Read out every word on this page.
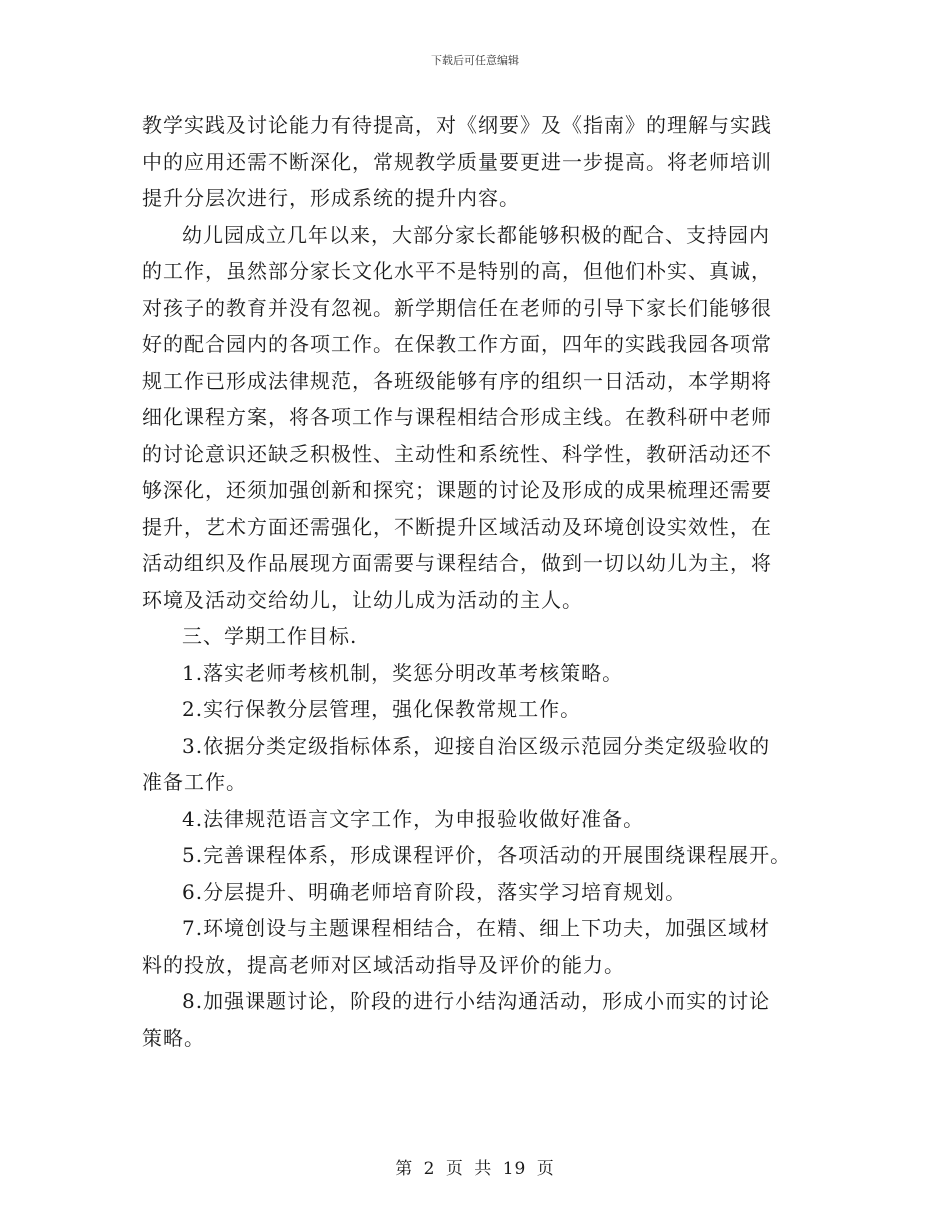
下载后可任意编辑

教学实践及讨论能力有待提高，对《纲要》及《指南》的理解与实践
中的应用还需不断深化，常规教学质量要更进一步提高。将老师培训
提升分层次进行，形成系统的提升内容。

幼儿园成立几年以来，大部分家长都能够积极的配合、支持园内
的工作，虽然部分家长文化水平不是特别的高，但他们朴实、真诚，
对孩子的教育并没有忽视。新学期信任在老师的引导下家长们能够很
好的配合园内的各项工作。在保教工作方面，四年的实践我园各项常
规工作已形成法律规范，各班级能够有序的组织一日活动，本学期将
细化课程方案，将各项工作与课程相结合形成主线。在教科研中老师
的讨论意识还缺乏积极性、主动性和系统性、科学性，教研活动还不
够深化，还须加强创新和探究；课题的讨论及形成的成果梳理还需要
提升，艺术方面还需强化，不断提升区域活动及环境创设实效性，在
活动组织及作品展现方面需要与课程结合，做到一切以幼儿为主，将
环境及活动交给幼儿，让幼儿成为活动的主人。

三、学期工作目标.

1.落实老师考核机制，奖惩分明改革考核策略。

2.实行保教分层管理，强化保教常规工作。

3.依据分类定级指标体系，迎接自治区级示范园分类定级验收的
准备工作。

4.法律规范语言文字工作，为申报验收做好准备。

5.完善课程体系，形成课程评价，各项活动的开展围绕课程展开。

6.分层提升、明确老师培育阶段，落实学习培育规划。

7.环境创设与主题课程相结合，在精、细上下功夫，加强区域材
料的投放，提高老师对区域活动指导及评价的能力。

8.加强课题讨论，阶段的进行小结沟通活动，形成小而实的讨论
策略。

第 2 页 共 19 页
